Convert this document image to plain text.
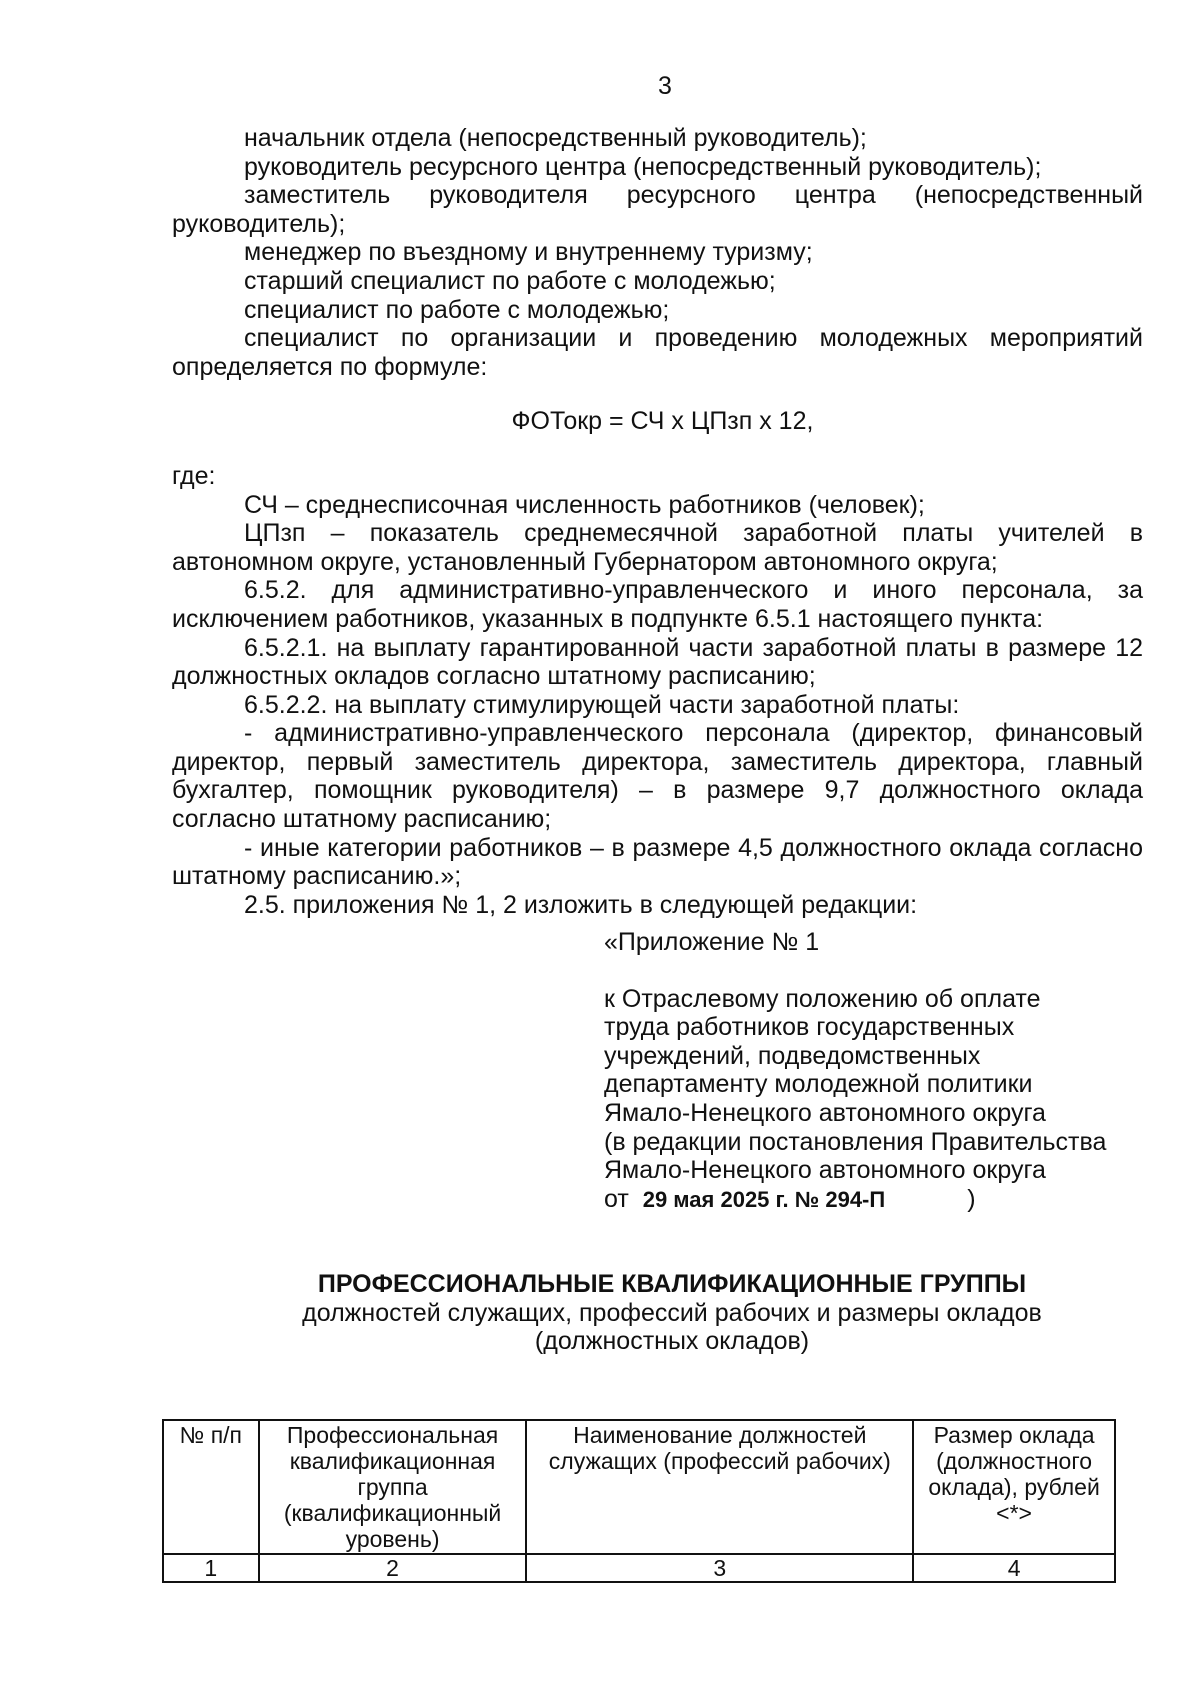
3

начальник отдела (непосредственный руководитель);

руководитель ресурсного центра (непосредственный руководитель);

заместитель руководителя ресурсного центра (непосредственный руководитель);

менеджер по въездному и внутреннему туризму;

старший специалист по работе с молодежью;

специалист по работе с молодежью;

специалист по организации и проведению молодежных мероприятий определяется по формуле:

ФОТокр = СЧ х ЦПзп х 12,

где:

СЧ – среднесписочная численность работников (человек);

ЦПзп – показатель среднемесячной заработной платы учителей в автономном округе, установленный Губернатором автономного округа;

6.5.2. для административно-управленческого и иного персонала, за исключением работников, указанных в подпункте 6.5.1 настоящего пункта:

6.5.2.1. на выплату гарантированной части заработной платы в размере 12 должностных окладов согласно штатному расписанию;

6.5.2.2. на выплату стимулирующей части заработной платы:

- административно-управленческого персонала (директор, финансовый директор, первый заместитель директора, заместитель директора, главный бухгалтер, помощник руководителя) – в размере 9,7 должностного оклада согласно штатному расписанию;

- иные категории работников – в размере 4,5 должностного оклада согласно штатному расписанию.»;

2.5. приложения № 1, 2 изложить в следующей редакции:

«Приложение № 1

к Отраслевому положению об оплате

труда работников государственных

учреждений, подведомственных

департаменту молодежной политики

Ямало-Ненецкого автономного округа

(в редакции постановления Правительства

Ямало-Ненецкого автономного округа

от 29 мая 2025 г. № 294-П	)

ПРОФЕССИОНАЛЬНЫЕ КВАЛИФИКАЦИОННЫЕ ГРУППЫ

должностей служащих, профессий рабочих и размеры окладов

(должностных окладов)

№ п/п	Профессиональная квалификационная группа (квалификационный уровень)	Наименование должностей служащих (профессий рабочих)	Размер оклада (должностного оклада), рублей <*>
1	2	3	4
